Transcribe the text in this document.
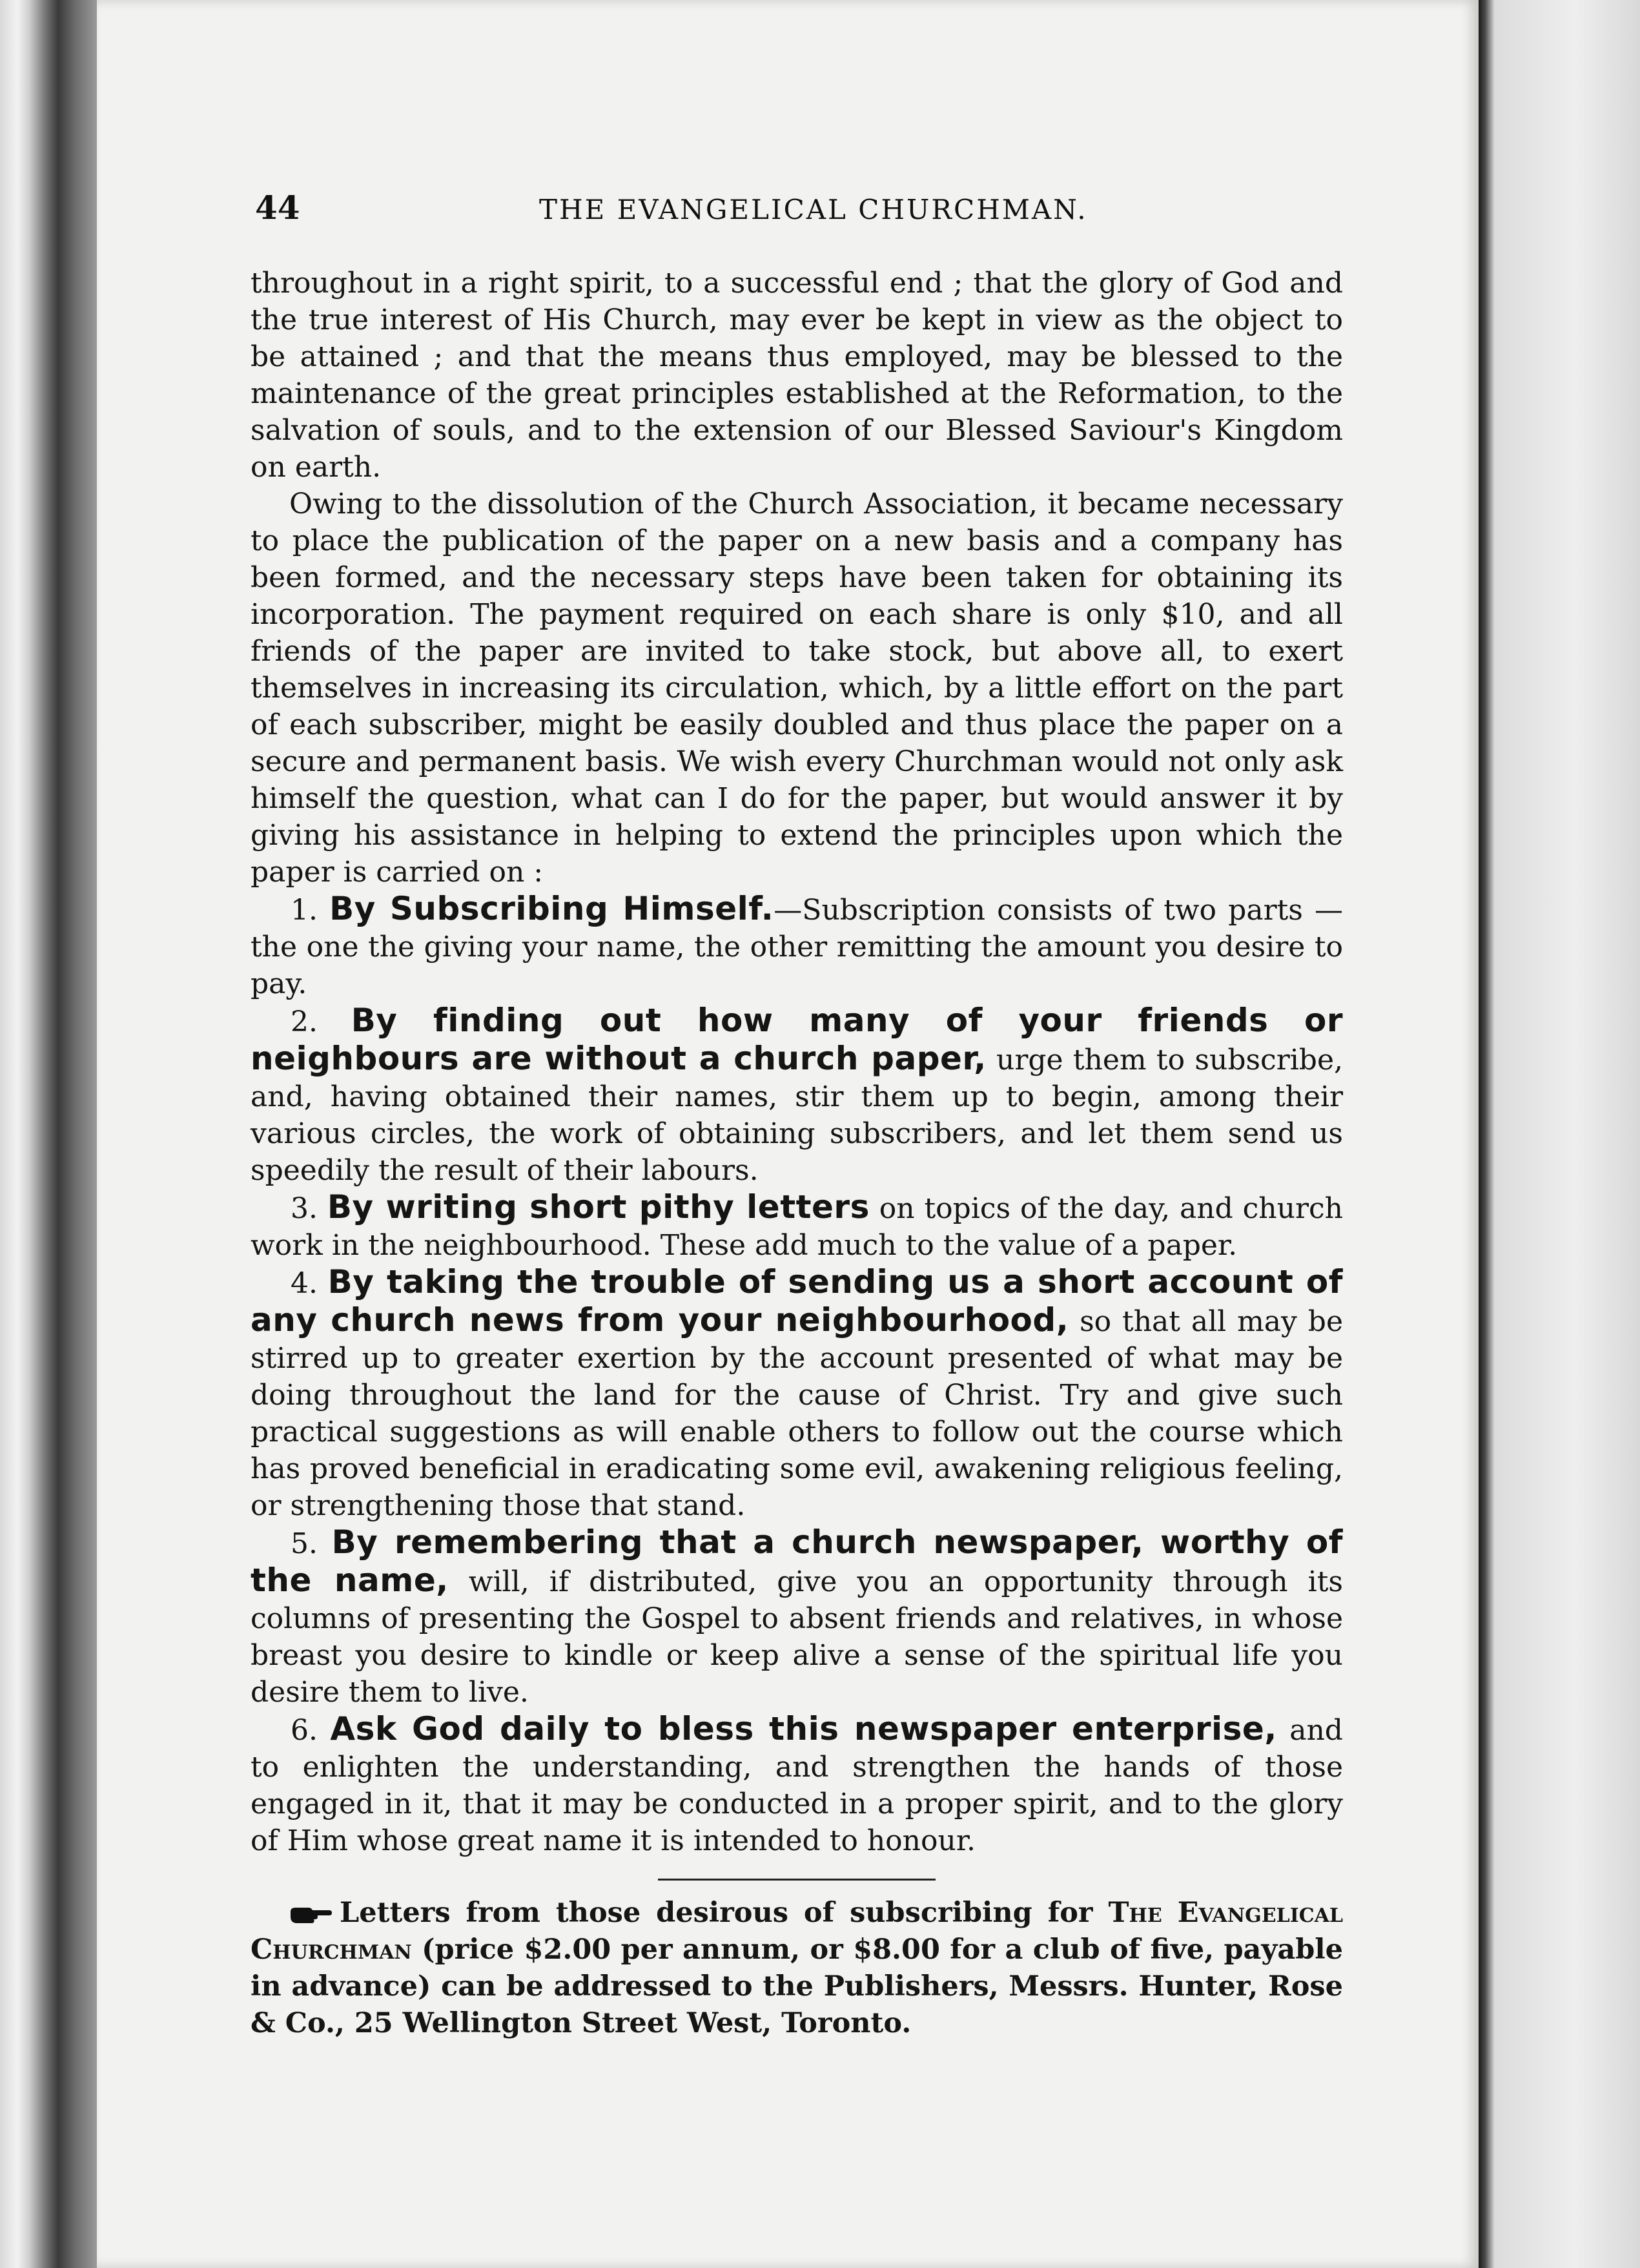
44	THE EVANGELICAL CHURCHMAN.

throughout in a right spirit, to a successful end ; that the glory of God and the true interest of His Church, may ever be kept in view as the object to be attained ; and that the means thus employed, may be blessed to the maintenance of the great principles established at the Reformation, to the salvation of souls, and to the extension of our Blessed Saviour's Kingdom on earth.

Owing to the dissolution of the Church Association, it became necessary to place the publication of the paper on a new basis and a company has been formed, and the necessary steps have been taken for obtaining its incorporation. The payment required on each share is only $10, and all friends of the paper are invited to take stock, but above all, to exert themselves in increasing its circulation, which, by a little effort on the part of each subscriber, might be easily doubled and thus place the paper on a secure and permanent basis. We wish every Churchman would not only ask himself the question, what can I do for the paper, but would answer it by giving his assistance in helping to extend the principles upon which the paper is carried on :

1. By Subscribing Himself.—Subscription consists of two parts —the one the giving your name, the other remitting the amount you desire to pay.

2. By finding out how many of your friends or neighbours are without a church paper, urge them to subscribe, and, having obtained their names, stir them up to begin, among their various circles, the work of obtaining subscribers, and let them send us speedily the result of their labours.

3. By writing short pithy letters on topics of the day, and church work in the neighbourhood. These add much to the value of a paper.

4. By taking the trouble of sending us a short account of any church news from your neighbourhood, so that all may be stirred up to greater exertion by the account presented of what may be doing throughout the land for the cause of Christ. Try and give such practical suggestions as will enable others to follow out the course which has proved beneficial in eradicating some evil, awakening religious feeling, or strengthening those that stand.

5. By remembering that a church newspaper, worthy of the name, will, if distributed, give you an opportunity through its columns of presenting the Gospel to absent friends and relatives, in whose breast you desire to kindle or keep alive a sense of the spiritual life you desire them to live.

6. Ask God daily to bless this newspaper enterprise, and to enlighten the understanding, and strengthen the hands of those engaged in it, that it may be conducted in a proper spirit, and to the glory of Him whose great name it is intended to honour.

Letters from those desirous of subscribing for The Evangelical Churchman (price $2.00 per annum, or $8.00 for a club of five, payable in advance) can be addressed to the Publishers, Messrs. Hunter, Rose & Co., 25 Wellington Street West, Toronto.
